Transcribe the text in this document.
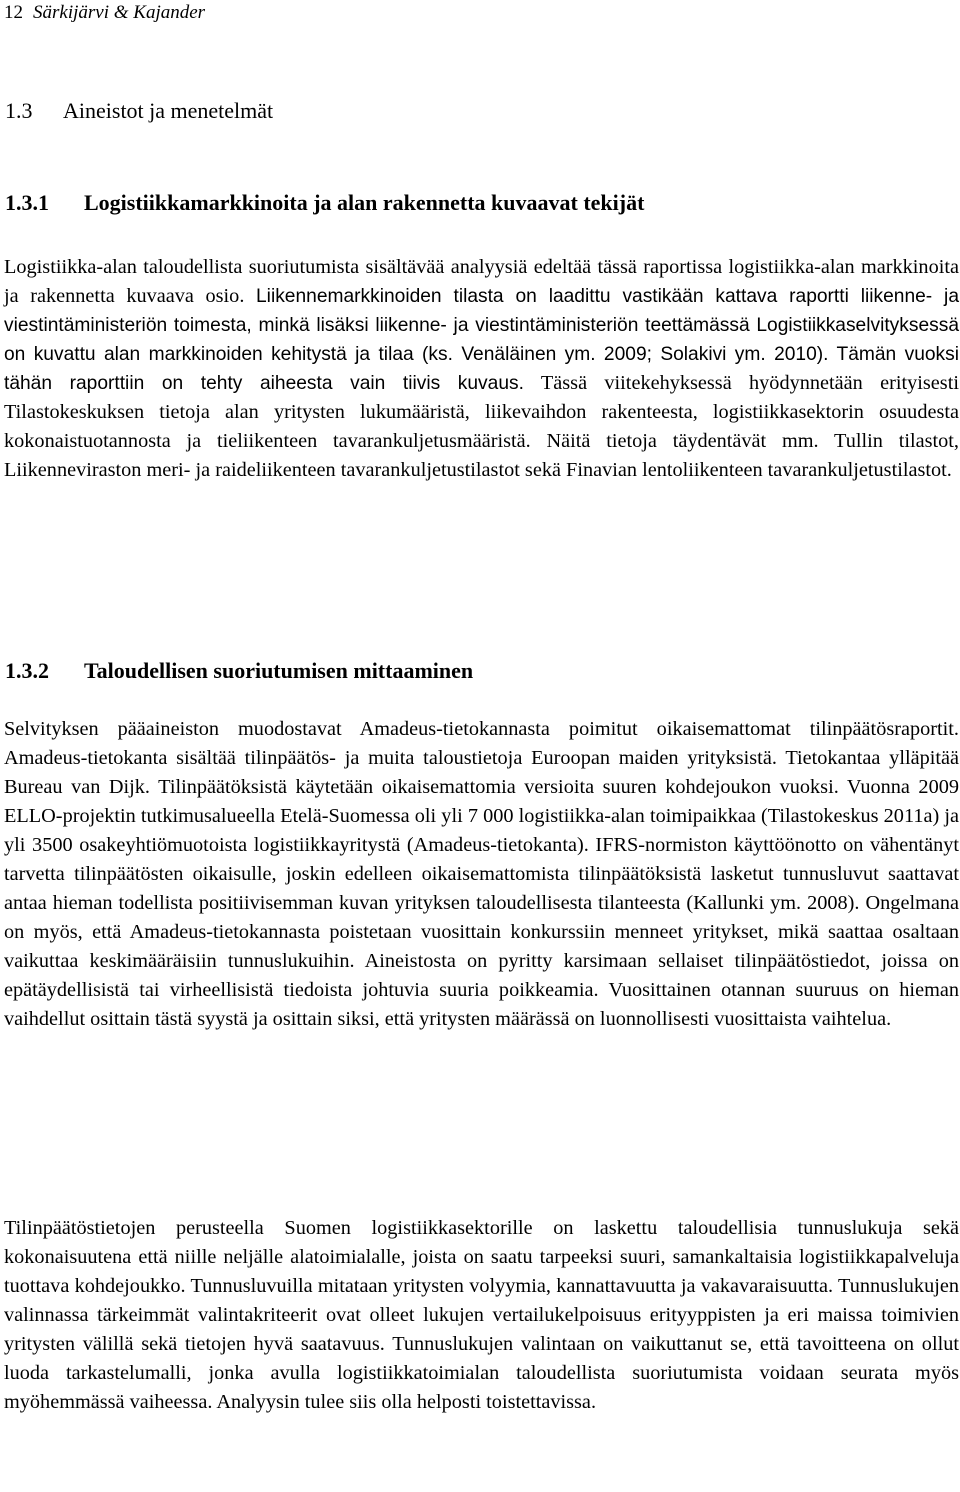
12 Särkijärvi & Kajander
1.3 Aineistot ja menetelmät
1.3.1 Logistiikkamarkkinoita ja alan rakennetta kuvaavat tekijät

Logistiikka-alan taloudellista suoriutumista sisältävää analyysiä edeltää tässä raportissa logistiikka-alan markkinoita ja rakennetta kuvaava osio. Liikennemarkkinoiden tilasta on laadittu vastikään kattava raportti liikenne- ja viestintäministeriön toimesta, minkä lisäksi liikenne- ja viestintäministeriön teettämässä Logistiikkaselvityksessä on kuvattu alan markkinoiden kehitystä ja tilaa (ks. Venäläinen ym. 2009; Solakivi ym. 2010). Tämän vuoksi tähän raporttiin on tehty aiheesta vain tiivis kuvaus. Tässä viitekehyksessä hyödynnetään erityisesti Tilastokeskuksen tietoja alan yritysten lukumääristä, liikevaihdon rakenteesta, logistiikkasektorin osuudesta kokonaistuotannosta ja tieliikenteen tavarankuljetusmääristä. Näitä tietoja täydentävät mm. Tullin tilastot, Liikenneviraston meri- ja raideliikenteen tavarankuljetustilastot sekä Finavian lentoliikenteen tavarankuljetustilastot.

1.3.2 Taloudellisen suoriutumisen mittaaminen

Selvityksen pääaineiston muodostavat Amadeus-tietokannasta poimitut oikaisemattomat tilinpäätösraportit. Amadeus-tietokanta sisältää tilinpäätös- ja muita taloustietoja Euroopan maiden yrityksistä. Tietokantaa ylläpitää Bureau van Dijk. Tilinpäätöksistä käytetään oikaisemattomia versioita suuren kohdejoukon vuoksi. Vuonna 2009 ELLO-projektin tutkimusalueella Etelä-Suomessa oli yli 7 000 logistiikka-alan toimipaikkaa (Tilastokeskus 2011a) ja yli 3500 osakeyhtiömuotoista logistiikkayritystä (Amadeus-tietokanta). IFRS-normiston käyttöönotto on vähentänyt tarvetta tilinpäätösten oikaisulle, joskin edelleen oikaisemattomista tilinpäätöksistä lasketut tunnusluvut saattavat antaa hieman todellista positiivisemman kuvan yrityksen taloudellisesta tilanteesta (Kallunki ym. 2008). Ongelmana on myös, että Amadeus-tietokannasta poistetaan vuosittain konkurssiin menneet yritykset, mikä saattaa osaltaan vaikuttaa keskimääräisiin tunnuslukuihin. Aineistosta on pyritty karsimaan sellaiset tilinpäätöstiedot, joissa on epätäydellisistä tai virheellisistä tiedoista johtuvia suuria poikkeamia. Vuosittainen otannan suuruus on hieman vaihdellut osittain tästä syystä ja osittain siksi, että yritysten määrässä on luonnollisesti vuosittaista vaihtelua.

Tilinpäätöstietojen perusteella Suomen logistiikkasektorille on laskettu taloudellisia tunnuslukuja sekä kokonaisuutena että niille neljälle alatoimialalle, joista on saatu tarpeeksi suuri, samankaltaisia logistiikkapalveluja tuottava kohdejoukko. Tunnusluvuilla mitataan yritysten volyymia, kannattavuutta ja vakavaraisuutta. Tunnuslukujen valinnassa tärkeimmät valintakriteerit ovat olleet lukujen vertailukelpoisuus erityyppisten ja eri maissa toimivien yritysten välillä sekä tietojen hyvä saatavuus. Tunnuslukujen valintaan on vaikuttanut se, että tavoitteena on ollut luoda tarkastelumalli, jonka avulla logistiikkatoimialan taloudellista suoriutumista voidaan seurata myös myöhemmässä vaiheessa. Analyysin tulee siis olla helposti toistettavissa.
